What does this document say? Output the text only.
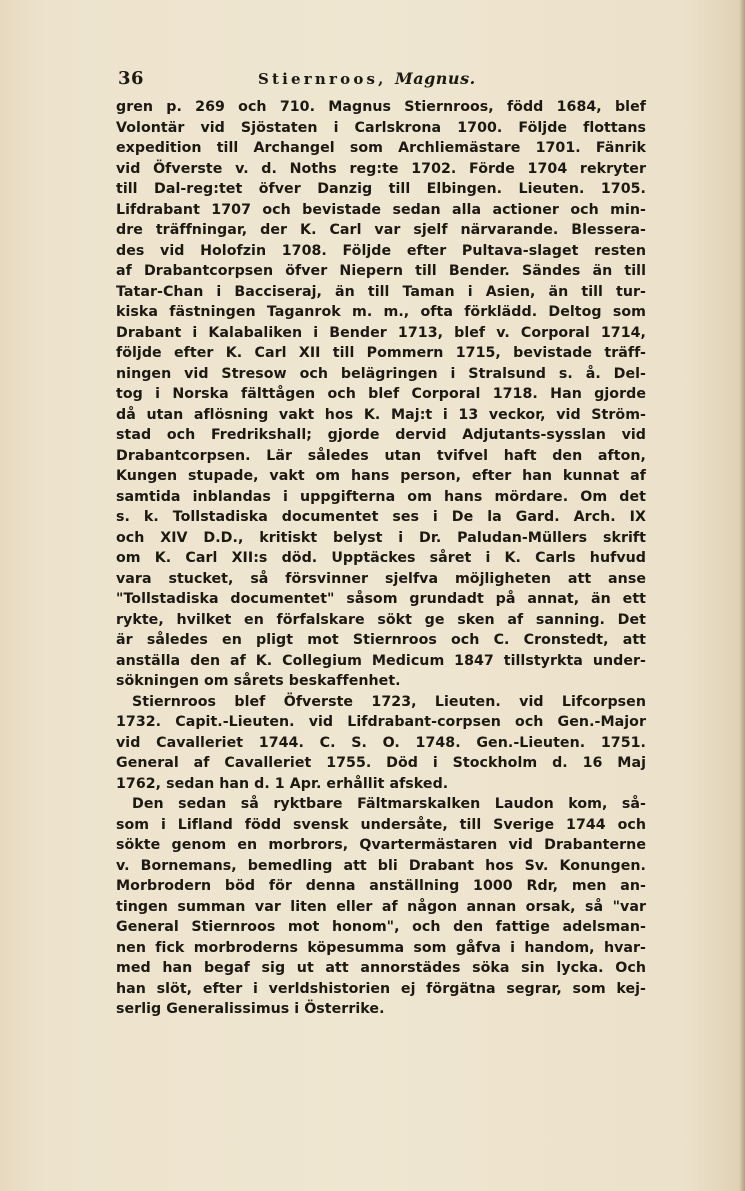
36	Stiernroos, Magnus.
gren p. 269 och 710. Magnus Stiernroos, född 1684, blef
Volontär vid Sjöstaten i Carlskrona 1700. Följde flottans
expedition till Archangel som Archliemästare 1701. Fänrik
vid Öfverste v. d. Noths reg:te 1702. Förde 1704 rekryter
till Dal-reg:tet öfver Danzig till Elbingen. Lieuten. 1705.
Lifdrabant 1707 och bevistade sedan alla actioner och min-
dre träffningar, der K. Carl var sjelf närvarande. Blessera-
des vid Holofzin 1708. Följde efter Pultava-slaget resten
af Drabantcorpsen öfver Niepern till Bender. Sändes än till
Tatar-Chan i Bacciseraj, än till Taman i Asien, än till tur-
kiska fästningen Taganrok m. m., ofta förklädd. Deltog som
Drabant i Kalabaliken i Bender 1713, blef v. Corporal 1714,
följde efter K. Carl XII till Pommern 1715, bevistade träff-
ningen vid Stresow och belägringen i Stralsund s. å. Del-
tog i Norska fälttågen och blef Corporal 1718. Han gjorde
då utan aflösning vakt hos K. Maj:t i 13 veckor, vid Ström-
stad och Fredrikshall; gjorde dervid Adjutants-sysslan vid
Drabantcorpsen. Lär således utan tvifvel haft den afton,
Kungen stupade, vakt om hans person, efter han kunnat af
samtida inblandas i uppgifterna om hans mördare. Om det
s. k. Tollstadiska documentet ses i De la Gard. Arch. IX
och XIV D.D., kritiskt belyst i Dr. Paludan-Müllers skrift
om K. Carl XII:s död. Upptäckes såret i K. Carls hufvud
vara stucket, så försvinner sjelfva möjligheten att anse
"Tollstadiska documentet" såsom grundadt på annat, än ett
rykte, hvilket en förfalskare sökt ge sken af sanning. Det
är således en pligt mot Stiernroos och C. Cronstedt, att
anställa den af K. Collegium Medicum 1847 tillstyrkta under-
sökningen om sårets beskaffenhet.
Stiernroos blef Öfverste 1723, Lieuten. vid Lifcorpsen
1732. Capit.-Lieuten. vid Lifdrabant-corpsen och Gen.-Major
vid Cavalleriet 1744. C. S. O. 1748. Gen.-Lieuten. 1751.
General af Cavalleriet 1755. Död i Stockholm d. 16 Maj
1762, sedan han d. 1 Apr. erhållit afsked.
Den sedan så ryktbare Fältmarskalken Laudon kom, så-
som i Lifland född svensk undersåte, till Sverige 1744 och
sökte genom en morbrors, Qvartermästaren vid Drabanterne
v. Bornemans, bemedling att bli Drabant hos Sv. Konungen.
Morbrodern böd för denna anställning 1000 Rdr, men an-
tingen summan var liten eller af någon annan orsak, så "var
General Stiernroos mot honom", och den fattige adelsman-
nen fick morbroderns köpesumma som gåfva i handom, hvar-
med han begaf sig ut att annorstädes söka sin lycka. Och
han slöt, efter i verldshistorien ej förgätna segrar, som kej-
serlig Generalissimus i Österrike.
